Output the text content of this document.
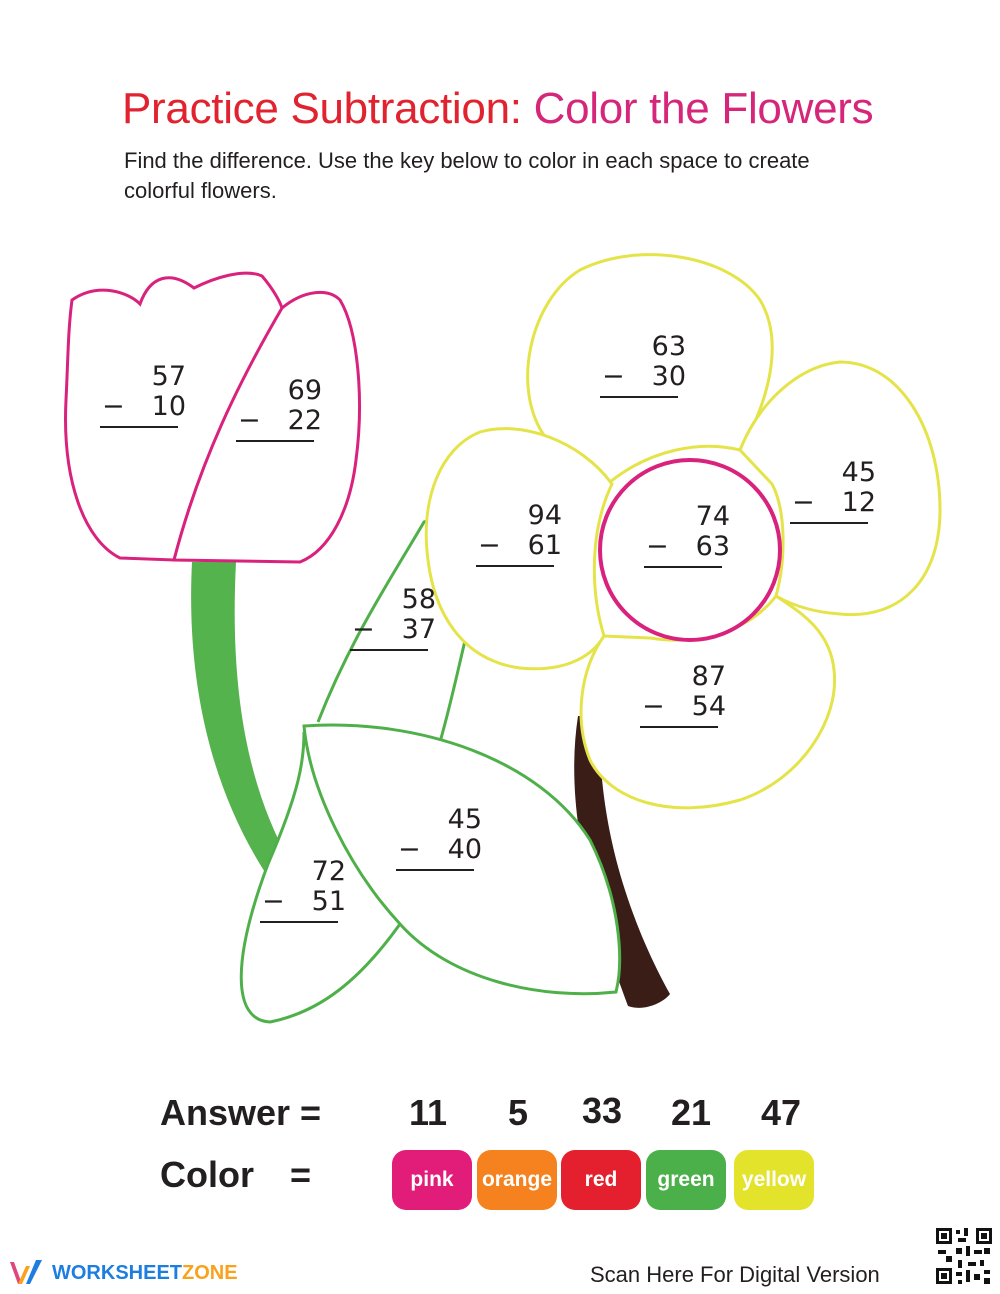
Practice Subtraction: Color the Flowers
Find the difference. Use the key below to color in each space to create colorful flowers.
57
− 10
69
− 22
63
− 30
45
− 12
94
− 61
74
− 63
58
− 37
87
− 54
45
− 40
72
− 51
Answer =
Color =
11	5	33	21	47
pink	orange	red	green	yellow
WORKSHEETZONE	Scan Here For Digital Version
